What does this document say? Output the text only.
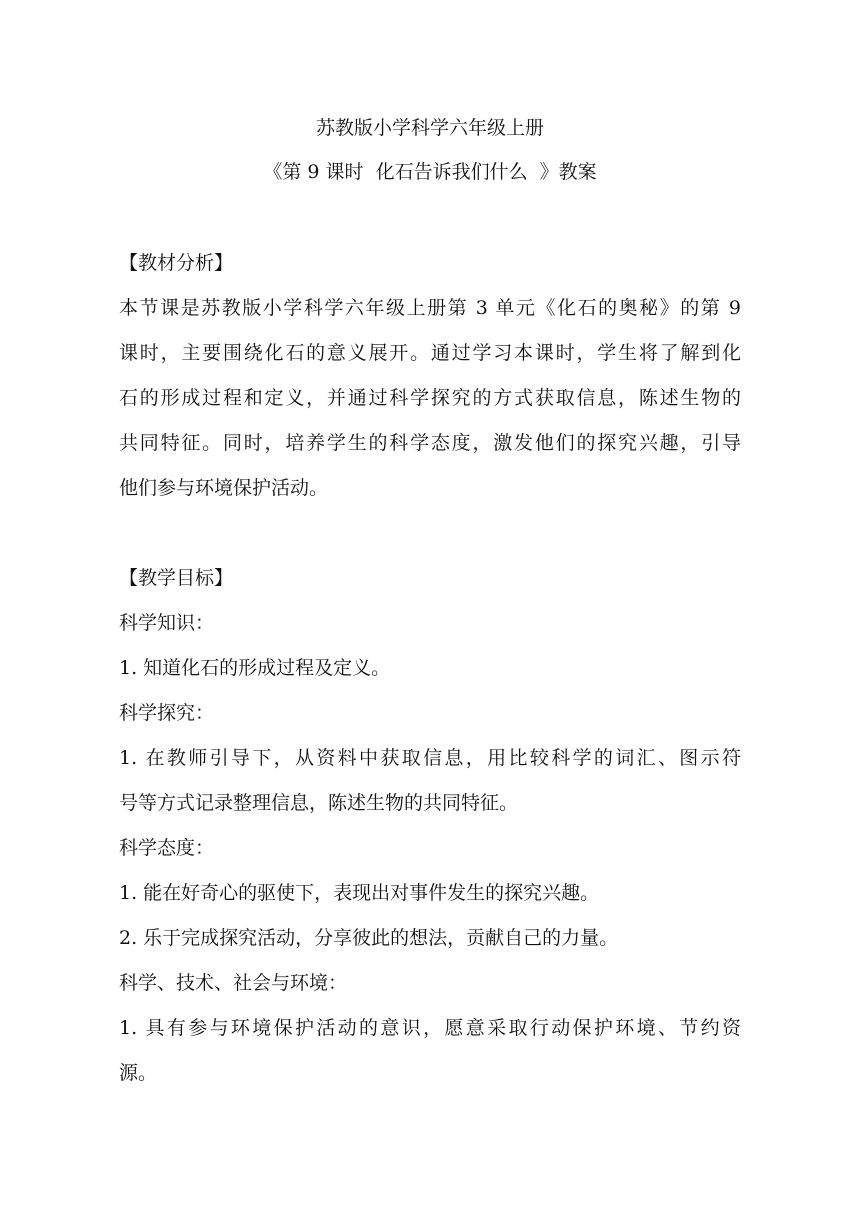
苏教版小学科学六年级上册
《第 9 课时  化石告诉我们什么  》教案
【教材分析】
本节课是苏教版小学科学六年级上册第 3 单元《化石的奥秘》的第 9
课时，主要围绕化石的意义展开。通过学习本课时，学生将了解到化
石的形成过程和定义，并通过科学探究的方式获取信息，陈述生物的
共同特征。同时，培养学生的科学态度，激发他们的探究兴趣，引导
他们参与环境保护活动。
【教学目标】
科学知识：
1. 知道化石的形成过程及定义。
科学探究：
1. 在教师引导下，从资料中获取信息，用比较科学的词汇、图示符
号等方式记录整理信息，陈述生物的共同特征。
科学态度：
1. 能在好奇心的驱使下，表现出对事件发生的探究兴趣。
2. 乐于完成探究活动，分享彼此的想法，贡献自己的力量。
科学、技术、社会与环境：
1. 具有参与环境保护活动的意识，愿意采取行动保护环境、节约资
源。
